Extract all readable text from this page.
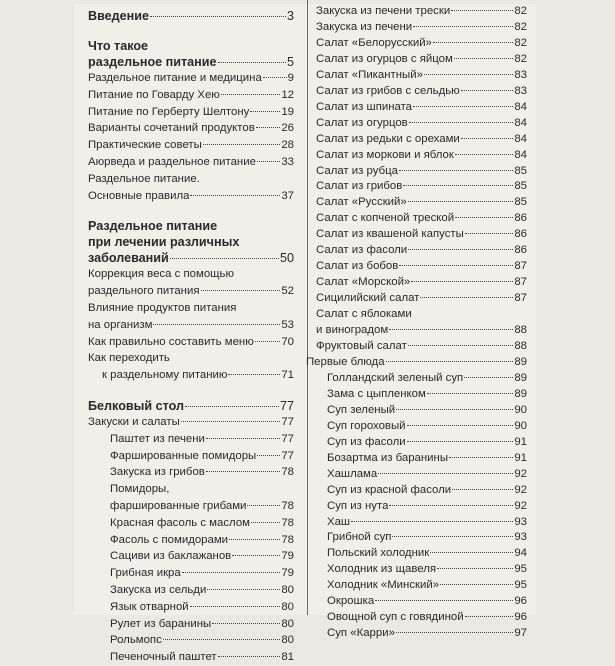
Введение	3
Что такое
раздельное питание	5
Раздельное питание и медицина 9
Питание по Говарду Хею	12
Питание по Герберту Шелтону	19
Варианты сочетаний продуктов 26
Практические советы	28
Аюрведа и раздельное питание 33
Раздельное питание.
Основные правила	37
Раздельное питание
при лечении различных
заболеваний	50
Коррекция веса с помощью
раздельного питания	52
Влияние продуктов питания
на организм	53
Как правильно составить меню 70
Как переходить
к раздельному питанию	71
Белковый стол	77
Закуски и салаты	77
Паштет из печени	77
Фаршированные помидоры 77
Закуска из грибов	78
Помидоры,
фаршированные грибами	78
Красная фасоль с маслом	78
Фасоль с помидорами	78
Сациви из баклажанов	79
Грибная икра	79
Закуска из сельди	80
Язык отварной	80
Рулет из баранины	80
Рольмопс	80
Печеночный паштет	81
Закуска из печени трески	82
Закуска из печени	82
Салат «Белорусский»	82
Салат из огурцов с яйцом	82
Салат «Пикантный»	83
Салат из грибов с сельдью	83
Салат из шпината	84
Салат из огурцов	84
Салат из редьки с орехами	84
Салат из моркови и яблок	84
Салат из рубца	85
Салат из грибов	85
Салат «Русский»	85
Салат с копченой треской	86
Салат из квашеной капусты	86
Салат из фасоли	86
Салат из бобов	87
Салат «Морской»	87
Сицилийский салат	87
Салат с яблоками
и виноградом	88
Фруктовый салат	88
Первые блюда	89
Голландский зеленый суп	89
Зама с цыпленком	89
Суп зеленый	90
Суп гороховый	90
Суп из фасоли	91
Бозартма из баранины	91
Хашлама	92
Суп из красной фасоли	92
Суп из нута	92
Хаш	93
Грибной суп	93
Польский холодник	94
Холодник из щавеля	95
Холодник «Минский»	95
Окрошка	96
Овощной суп с говядиной	96
Суп «Карри»	97
